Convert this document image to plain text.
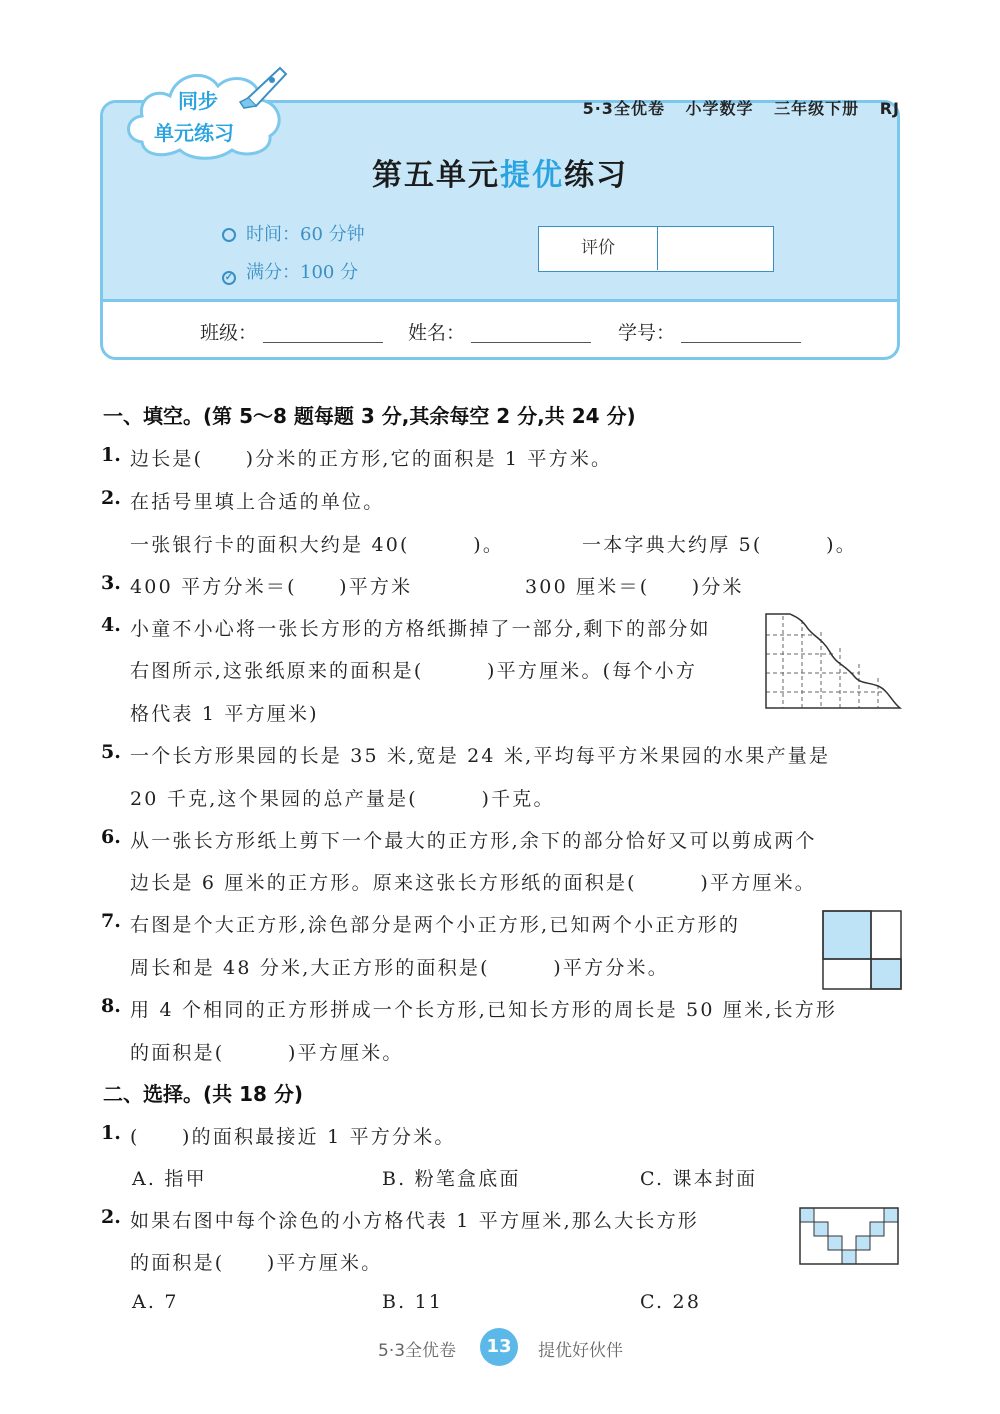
同步
单元练习
5·3全优卷 小学数学 三年级下册 RJ
第五单元提优练习
时间：60 分钟
✓ 满分：100 分
评价
班级：	姓名：	学号：
一、填空。(第 5～8 题每题 3 分,其余每空 2 分,共 24 分)
1. 边长是(　　)分米的正方形,它的面积是 1 平方米。
2. 在括号里填上合适的单位。
一张银行卡的面积大约是 40(　　　)。	一本字典大约厚 5(　　　)。
3. 400 平方分米＝(　　)平方米	300 厘米＝(　　)分米
4. 小童不小心将一张长方形的方格纸撕掉了一部分,剩下的部分如
右图所示,这张纸原来的面积是(　　　)平方厘米。(每个小方
格代表 1 平方厘米)
5. 一个长方形果园的长是 35 米,宽是 24 米,平均每平方米果园的水果产量是
20 千克,这个果园的总产量是(　　　)千克。
6. 从一张长方形纸上剪下一个最大的正方形,余下的部分恰好又可以剪成两个
边长是 6 厘米的正方形。原来这张长方形纸的面积是(　　　)平方厘米。
7. 右图是个大正方形,涂色部分是两个小正方形,已知两个小正方形的
周长和是 48 分米,大正方形的面积是(　　　)平方分米。
8. 用 4 个相同的正方形拼成一个长方形,已知长方形的周长是 50 厘米,长方形
的面积是(　　　)平方厘米。
二、选择。(共 18 分)
1. (　　)的面积最接近 1 平方分米。
A. 指甲	B. 粉笔盒底面	C. 课本封面
2. 如果右图中每个涂色的小方格代表 1 平方厘米,那么大长方形
的面积是(　　)平方厘米。
A. 7	B. 11	C. 28
5·3全优卷	13	提优好伙伴
